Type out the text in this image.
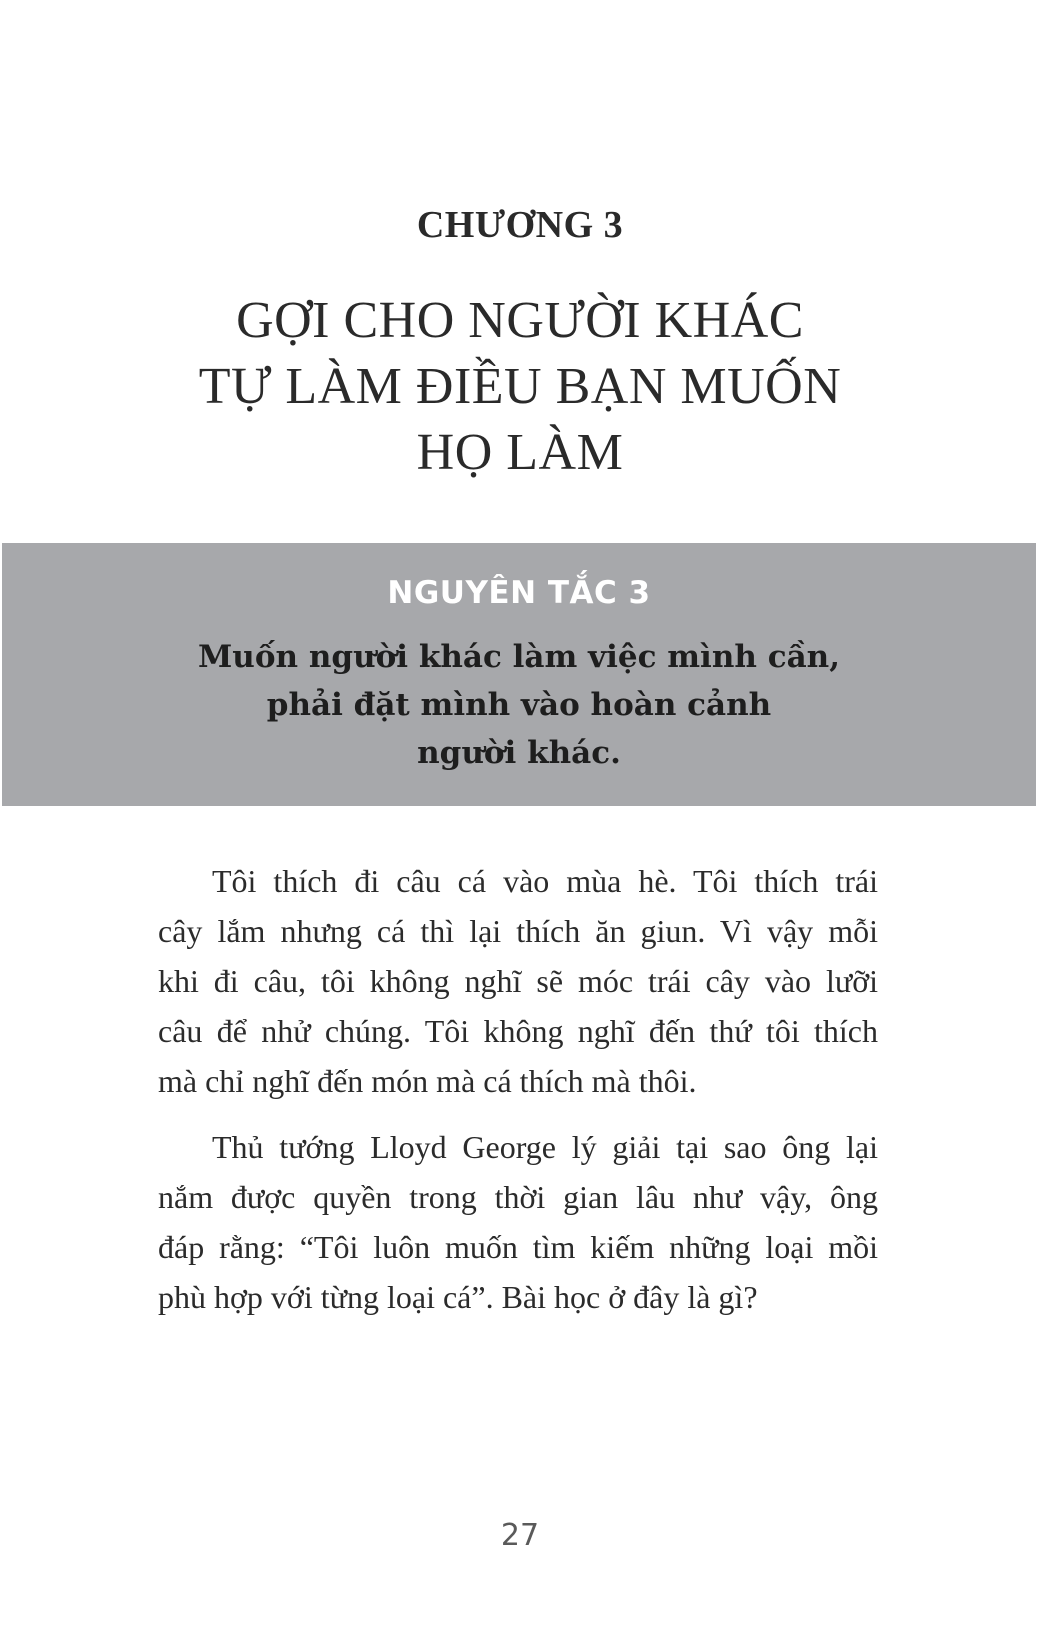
CHƯƠNG 3
GỢI CHO NGƯỜI KHÁC
TỰ LÀM ĐIỀU BẠN MUỐN
HỌ LÀM
NGUYÊN TẮC 3
Muốn người khác làm việc mình cần,
phải đặt mình vào hoàn cảnh
người khác.
Tôi thích đi câu cá vào mùa hè. Tôi thích trái
cây lắm nhưng cá thì lại thích ăn giun. Vì vậy mỗi
khi đi câu, tôi không nghĩ sẽ móc trái cây vào lưỡi
câu để nhử chúng. Tôi không nghĩ đến thứ tôi thích
mà chỉ nghĩ đến món mà cá thích mà thôi.
Thủ tướng Lloyd George lý giải tại sao ông lại
nắm được quyền trong thời gian lâu như vậy, ông
đáp rằng: “Tôi luôn muốn tìm kiếm những loại mồi
phù hợp với từng loại cá”. Bài học ở đây là gì?
27
